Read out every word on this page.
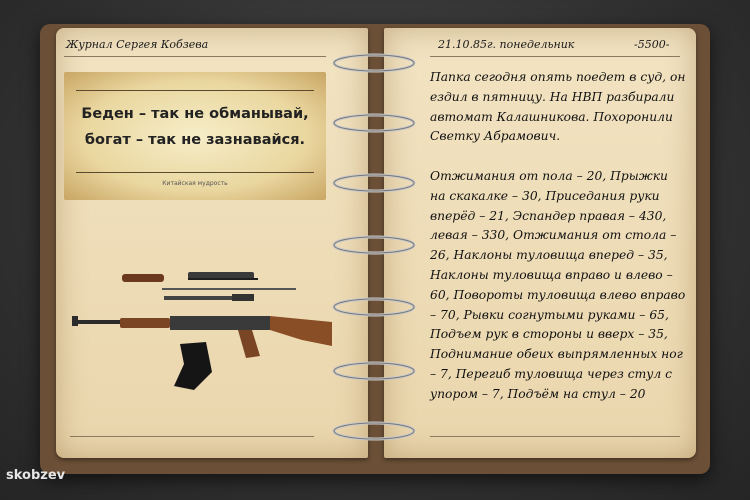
Журнал Сергея Кобзева
Беден – так не обманывай,
богат – так не зазнавайся.
Китайская мудрость
21.10.85г. понедельник	-5500-

Папка сегодня опять поедет в суд, он ездил в пятницу. На НВП разбирали автомат Калашникова. Похоронили Светку Абрамович.

Отжимания от пола – 20, Прыжки на скакалке – 30, Приседания руки вперёд – 21, Эспандер правая – 430, левая – 330, Отжимания от стола – 26, Наклоны туловища вперед – 35, Наклоны туловища вправо и влево – 60, Повороты туловища влево вправо – 70, Рывки согнутыми руками – 65, Подъем рук в стороны и вверх – 35, Поднимание обеих выпрямленных ног – 7, Перегиб туловища через стул с упором – 7, Подъём на стул – 20

skobzev
